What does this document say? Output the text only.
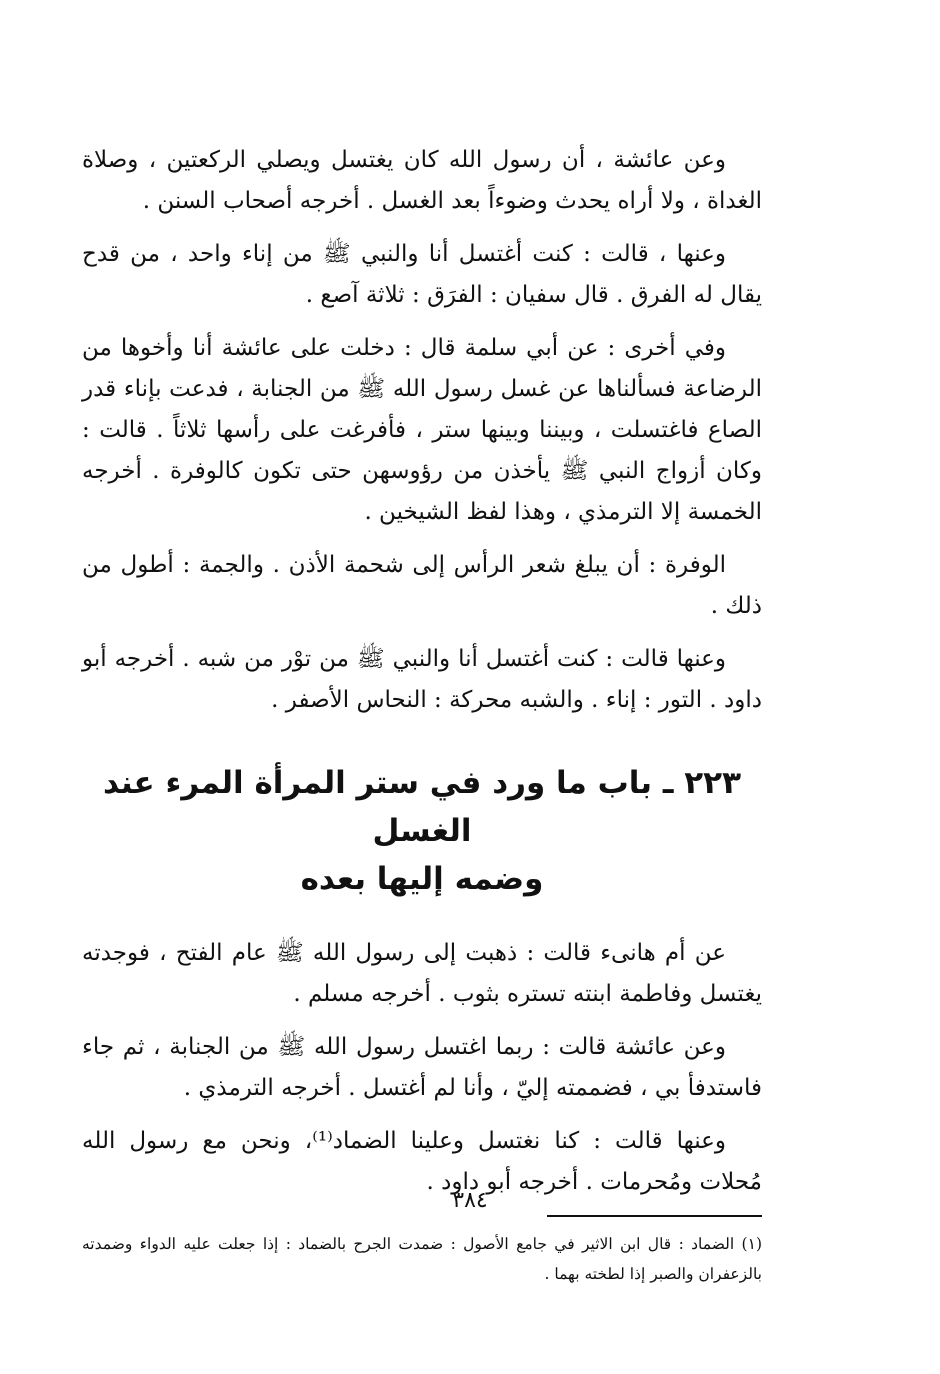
وعن عائشة ، أن رسول الله كان يغتسل ويصلي الركعتين ، وصلاة الغداة ، ولا أراه يحدث وضوءاً بعد الغسل . أخرجه أصحاب السنن .

وعنها ، قالت : كنت أغتسل أنا والنبي ﷺ من إناء واحد ، من قدح يقال له الفرق . قال سفيان : الفرَق : ثلاثة آصع .

وفي أخرى : عن أبي سلمة قال : دخلت على عائشة أنا وأخوها من الرضاعة فسألناها عن غسل رسول الله ﷺ من الجنابة ، فدعت بإناء قدر الصاع فاغتسلت ، وبيننا وبينها ستر ، فأفرغت على رأسها ثلاثاً . قالت : وكان أزواج النبي ﷺ يأخذن من رؤوسهن حتى تكون كالوفرة . أخرجه الخمسة إلا الترمذي ، وهذا لفظ الشيخين .

الوفرة : أن يبلغ شعر الرأس إلى شحمة الأذن . والجمة : أطول من ذلك .

وعنها قالت : كنت أغتسل أنا والنبي ﷺ من توْر من شبه . أخرجه أبو داود . التور : إناء . والشبه محركة : النحاس الأصفر .

٢٢٣ ـ باب ما ورد في ستر المرأة المرء عند الغسل
وضمه إليها بعده

عن أم هانىء قالت : ذهبت إلى رسول الله ﷺ عام الفتح ، فوجدته يغتسل وفاطمة ابنته تستره بثوب . أخرجه مسلم .

وعن عائشة قالت : ربما اغتسل رسول الله ﷺ من الجنابة ، ثم جاء فاستدفأ بي ، فضممته إليّ ، وأنا لم أغتسل . أخرجه الترمذي .

وعنها قالت : كنا نغتسل وعلينا الضماد⁽¹⁾، ونحن مع رسول الله مُحلات ومُحرمات . أخرجه أبو داود .

(١) الضماد : قال ابن الاثير في جامع الأصول : ضمدت الجرح بالضماد : إذا جعلت عليه الدواء وضمدته بالزعفران والصبر إذا لطخته بهما .

٣٨٤
